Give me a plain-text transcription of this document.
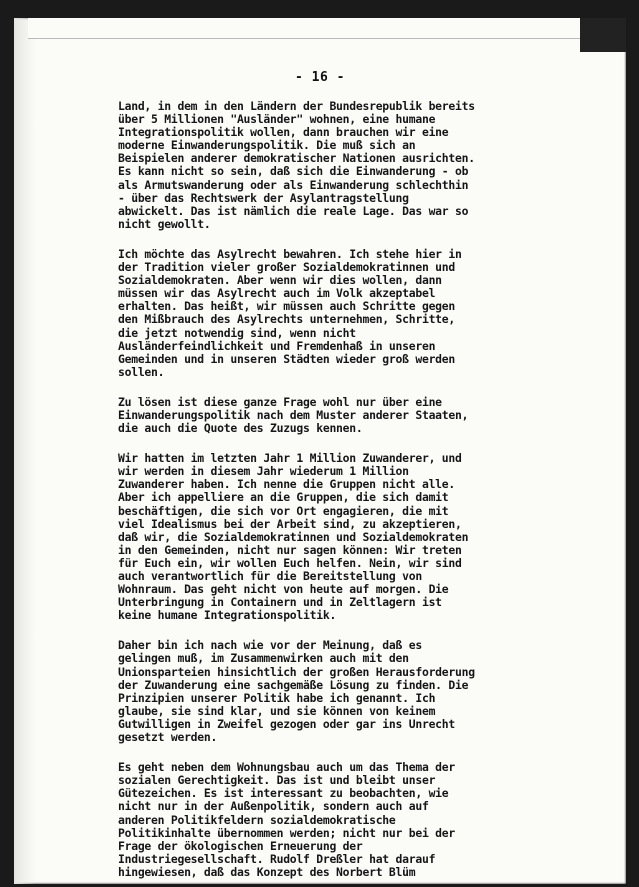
- 16 -
Land, in dem in den Ländern der Bundesrepublik bereits
über 5 Millionen "Ausländer" wohnen, eine humane
Integrationspolitik wollen, dann brauchen wir eine
moderne Einwanderungspolitik. Die muß sich an
Beispielen anderer demokratischer Nationen ausrichten.
Es kann nicht so sein, daß sich die Einwanderung - ob
als Armutswanderung oder als Einwanderung schlechthin
- über das Rechtswerk der Asylantragstellung
abwickelt. Das ist nämlich die reale Lage. Das war so
nicht gewollt.
Ich möchte das Asylrecht bewahren. Ich stehe hier in
der Tradition vieler großer Sozialdemokratinnen und
Sozialdemokraten. Aber wenn wir dies wollen, dann
müssen wir das Asylrecht auch im Volk akzeptabel
erhalten. Das heißt, wir müssen auch Schritte gegen
den Mißbrauch des Asylrechts unternehmen, Schritte,
die jetzt notwendig sind, wenn nicht
Ausländerfeindlichkeit und Fremdenhaß in unseren
Gemeinden und in unseren Städten wieder groß werden
sollen.
Zu lösen ist diese ganze Frage wohl nur über eine
Einwanderungspolitik nach dem Muster anderer Staaten,
die auch die Quote des Zuzugs kennen.
Wir hatten im letzten Jahr 1 Million Zuwanderer, und
wir werden in diesem Jahr wiederum 1 Million
Zuwanderer haben. Ich nenne die Gruppen nicht alle.
Aber ich appelliere an die Gruppen, die sich damit
beschäftigen, die sich vor Ort engagieren, die mit
viel Idealismus bei der Arbeit sind, zu akzeptieren,
daß wir, die Sozialdemokratinnen und Sozialdemokraten
in den Gemeinden, nicht nur sagen können: Wir treten
für Euch ein, wir wollen Euch helfen. Nein, wir sind
auch verantwortlich für die Bereitstellung von
Wohnraum. Das geht nicht von heute auf morgen. Die
Unterbringung in Containern und in Zeltlagern ist
keine humane Integrationspolitik.
Daher bin ich nach wie vor der Meinung, daß es
gelingen muß, im Zusammenwirken auch mit den
Unionsparteien hinsichtlich der großen Herausforderung
der Zuwanderung eine sachgemäße Lösung zu finden. Die
Prinzipien unserer Politik habe ich genannt. Ich
glaube, sie sind klar, und sie können von keinem
Gutwilligen in Zweifel gezogen oder gar ins Unrecht
gesetzt werden.
Es geht neben dem Wohnungsbau auch um das Thema der
sozialen Gerechtigkeit. Das ist und bleibt unser
Gütezeichen. Es ist interessant zu beobachten, wie
nicht nur in der Außenpolitik, sondern auch auf
anderen Politikfeldern sozialdemokratische
Politikinhalte übernommen werden; nicht nur bei der
Frage der ökologischen Erneuerung der
Industriegesellschaft. Rudolf Dreßler hat darauf
hingewiesen, daß das Konzept des Norbert Blüm
